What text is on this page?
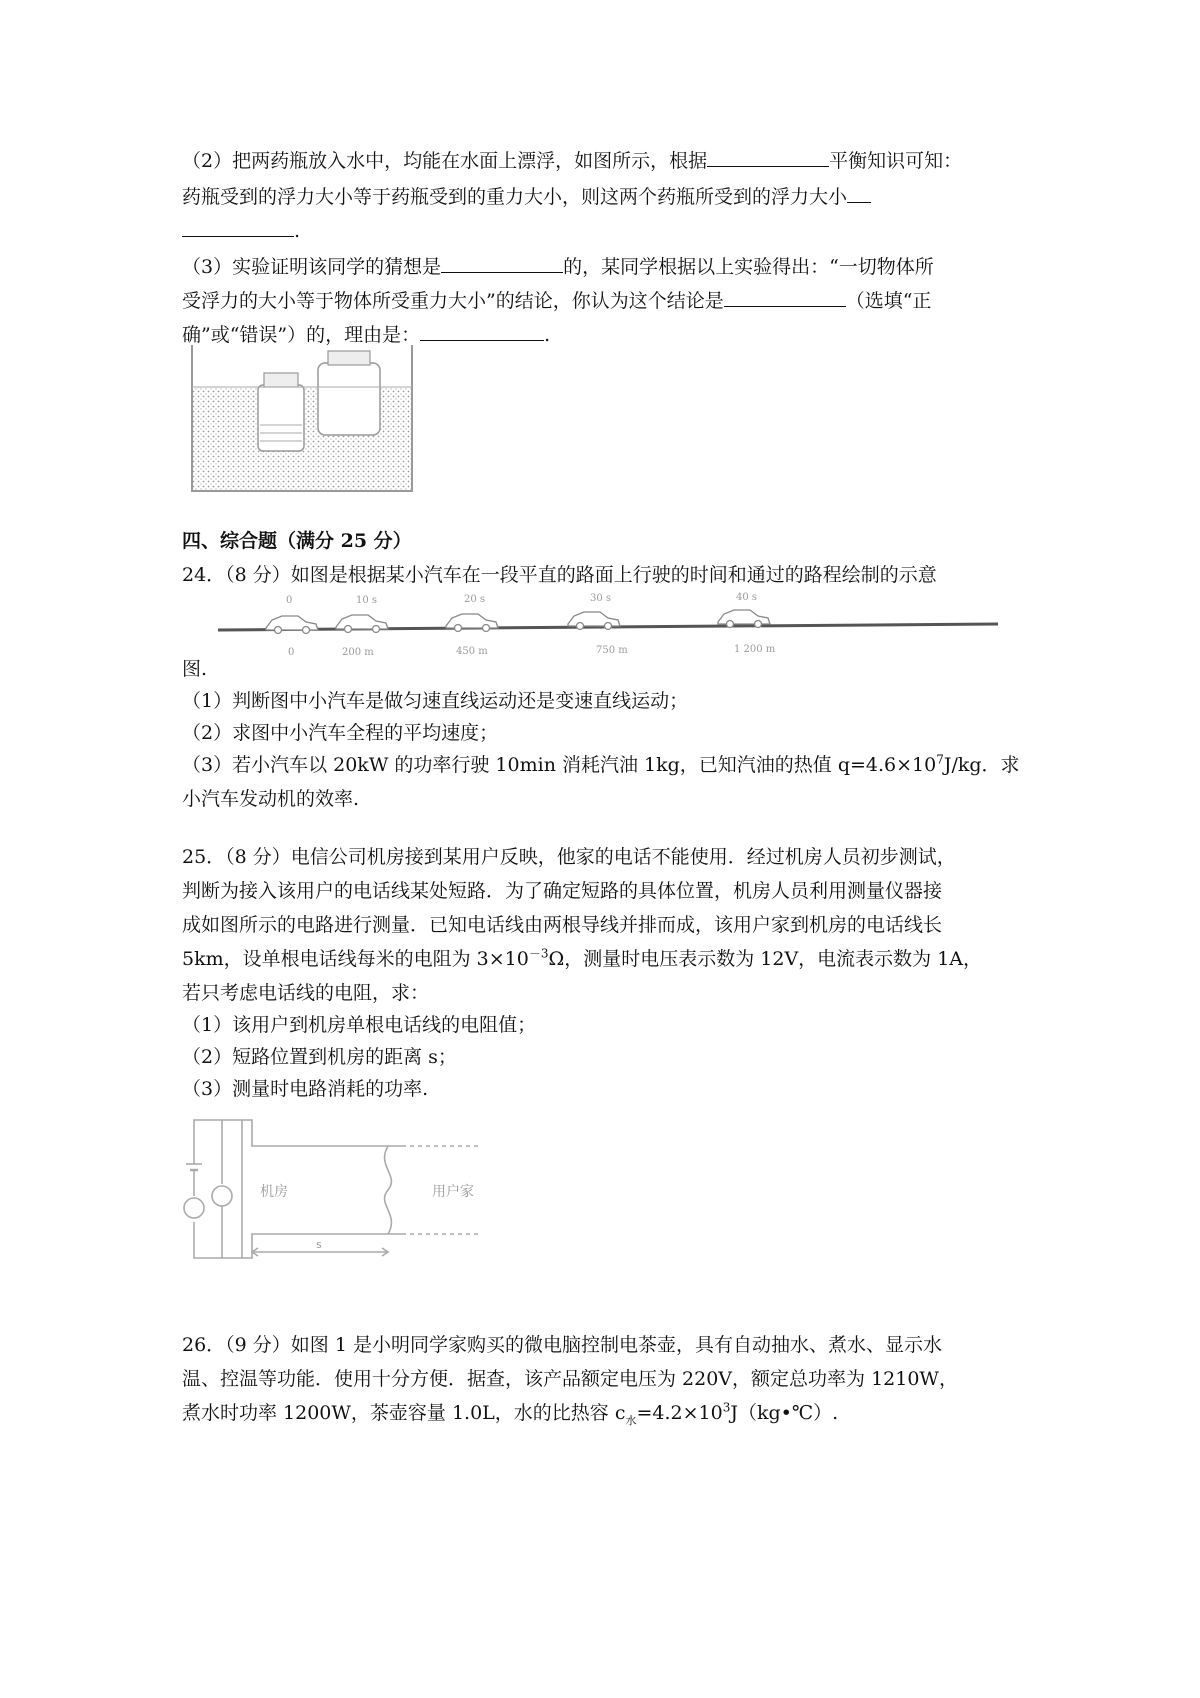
（2）把两药瓶放入水中，均能在水面上漂浮，如图所示，根据	平衡知识可知：
药瓶受到的浮力大小等于药瓶受到的重力大小，则这两个药瓶所受到的浮力大小
.
（3）实验证明该同学的猜想是	的，某同学根据以上实验得出：“一切物体所
受浮力的大小等于物体所受重力大小”的结论，你认为这个结论是	（选填“正
确”或“错误”）的，理由是：	.
四、综合题（满分 25 分）
24．（8 分）如图是根据某小汽车在一段平直的路面上行驶的时间和通过的路程绘制的示意
0	10 s	20 s	30 s	40 s
0	200 m	450 m	750 m	1 200 m
图.
（1）判断图中小汽车是做匀速直线运动还是变速直线运动；
（2）求图中小汽车全程的平均速度；
（3）若小汽车以 20kW 的功率行驶 10min 消耗汽油 1kg，已知汽油的热值 $q=4.6\times 10^7J/kg$．求
小汽车发动机的效率.
25．（8 分）电信公司机房接到某用户反映，他家的电话不能使用．经过机房人员初步测试，
判断为接入该用户的电话线某处短路．为了确定短路的具体位置，机房人员利用测量仪器接
成如图所示的电路进行测量．已知电话线由两根导线并排而成，该用户家到机房的电话线长
5km，设单根电话线每米的电阻为 $3\times 10^{-3}\Omega$，测量时电压表示数为 12V，电流表示数为 1A，
若只考虑电话线的电阻，求：
（1）该用户到机房单根电话线的电阻值；
（2）短路位置到机房的距离 s；
（3）测量时电路消耗的功率.
机房	用户家
s
26．（9 分）如图 1 是小明同学家购买的微电脑控制电茶壶，具有自动抽水、煮水、显示水
温、控温等功能．使用十分方便．据查，该产品额定电压为 220V，额定总功率为 1210W，
煮水时功率 1200W，茶壶容量 1.0L，水的比热容 $c_水=4.2\times 10^3J(kg•℃)$.
